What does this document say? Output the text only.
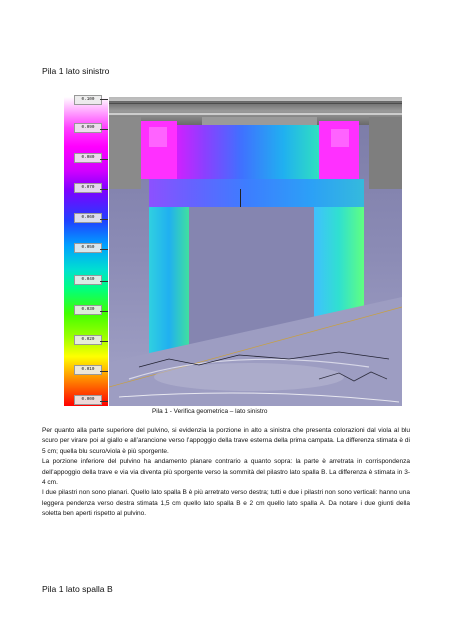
Pila 1 lato sinistro
0.100
0.090
0.080
0.070
0.060
0.050
0.040
0.030
0.020
0.010
0.000
Pila 1 - Verifica geometrica – lato sinistro

Per quanto alla parte superiore del pulvino, si evidenzia la porzione in alto a sinistra che presenta colorazioni dal viola al blu scuro per virare poi al giallo e all’arancione verso l’appoggio della trave esterna della prima campata. La differenza stimata è di 5 cm; quella blu scuro/viola è più sporgente.

La porzione inferiore del pulvino ha andamento planare contrario a quanto sopra: la parte è arretrata in corrispondenza dell’appoggio della trave e via via diventa più sporgente verso la sommità del pilastro lato spalla B. La differenza è stimata in 3-4 cm.

I due pilastri non sono planari. Quello lato spalla B è più arretrato verso destra; tutti e due i pilastri non sono verticali: hanno una leggera pendenza verso destra stimata 1,5 cm quello lato spalla B e 2 cm quello lato spalla A. Da notare i due giunti della soletta ben aperti rispetto al pulvino.

Pila 1 lato spalla B
